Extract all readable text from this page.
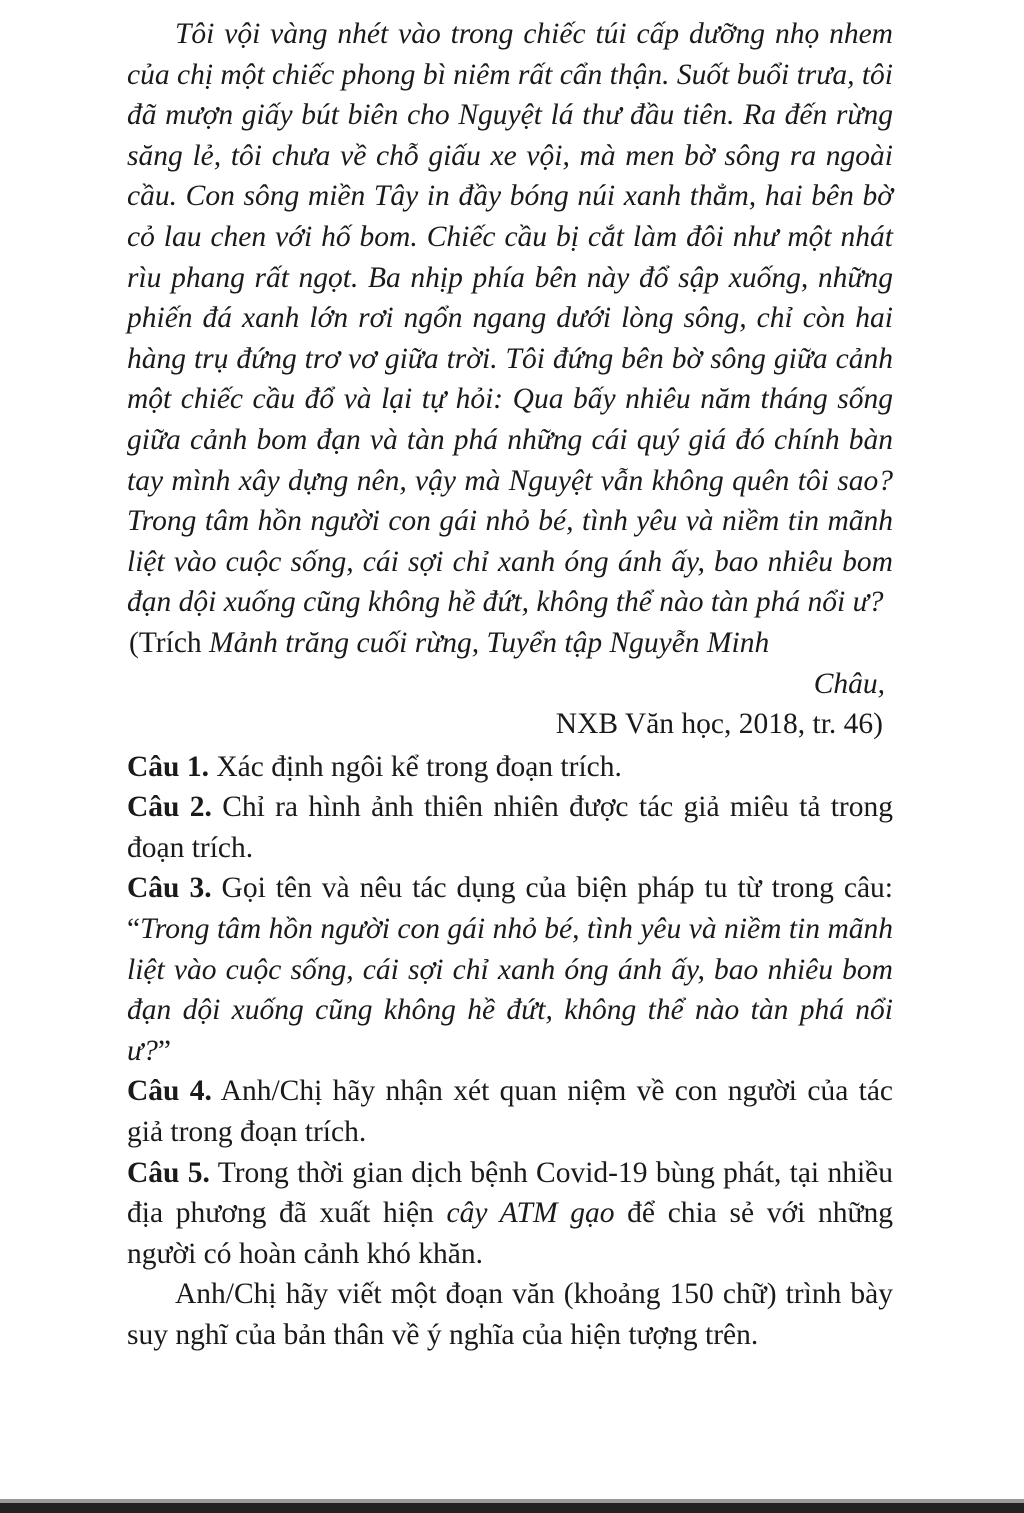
Tôi vội vàng nhét vào trong chiếc túi cấp dưỡng nhọ nhem của chị một chiếc phong bì niêm rất cẩn thận. Suốt buổi trưa, tôi đã mượn giấy bút biên cho Nguyệt lá thư đầu tiên. Ra đến rừng săng lẻ, tôi chưa về chỗ giấu xe vội, mà men bờ sông ra ngoài cầu. Con sông miền Tây in đầy bóng núi xanh thẳm, hai bên bờ cỏ lau chen với hố bom. Chiếc cầu bị cắt làm đôi như một nhát rìu phang rất ngọt. Ba nhịp phía bên này đổ sập xuống, những phiến đá xanh lớn rơi ngổn ngang dưới lòng sông, chỉ còn hai hàng trụ đứng trơ vơ giữa trời. Tôi đứng bên bờ sông giữa cảnh một chiếc cầu đổ và lại tự hỏi: Qua bấy nhiêu năm tháng sống giữa cảnh bom đạn và tàn phá những cái quý giá đó chính bàn tay mình xây dựng nên, vậy mà Nguyệt vẫn không quên tôi sao? Trong tâm hồn người con gái nhỏ bé, tình yêu và niềm tin mãnh liệt vào cuộc sống, cái sợi chỉ xanh óng ánh ấy, bao nhiêu bom đạn dội xuống cũng không hề đứt, không thể nào tàn phá nổi ư?

(Trích Mảnh trăng cuối rừng, Tuyển tập Nguyễn Minh

Châu,

NXB Văn học, 2018, tr. 46)

Câu 1. Xác định ngôi kể trong đoạn trích.

Câu 2. Chỉ ra hình ảnh thiên nhiên được tác giả miêu tả trong đoạn trích.

Câu 3. Gọi tên và nêu tác dụng của biện pháp tu từ trong câu: “Trong tâm hồn người con gái nhỏ bé, tình yêu và niềm tin mãnh liệt vào cuộc sống, cái sợi chỉ xanh óng ánh ấy, bao nhiêu bom đạn dội xuống cũng không hề đứt, không thể nào tàn phá nổi ư?”

Câu 4. Anh/Chị hãy nhận xét quan niệm về con người của tác giả trong đoạn trích.

Câu 5. Trong thời gian dịch bệnh Covid-19 bùng phát, tại nhiều địa phương đã xuất hiện cây ATM gạo để chia sẻ với những người có hoàn cảnh khó khăn.

Anh/Chị hãy viết một đoạn văn (khoảng 150 chữ) trình bày suy nghĩ của bản thân về ý nghĩa của hiện tượng trên.
